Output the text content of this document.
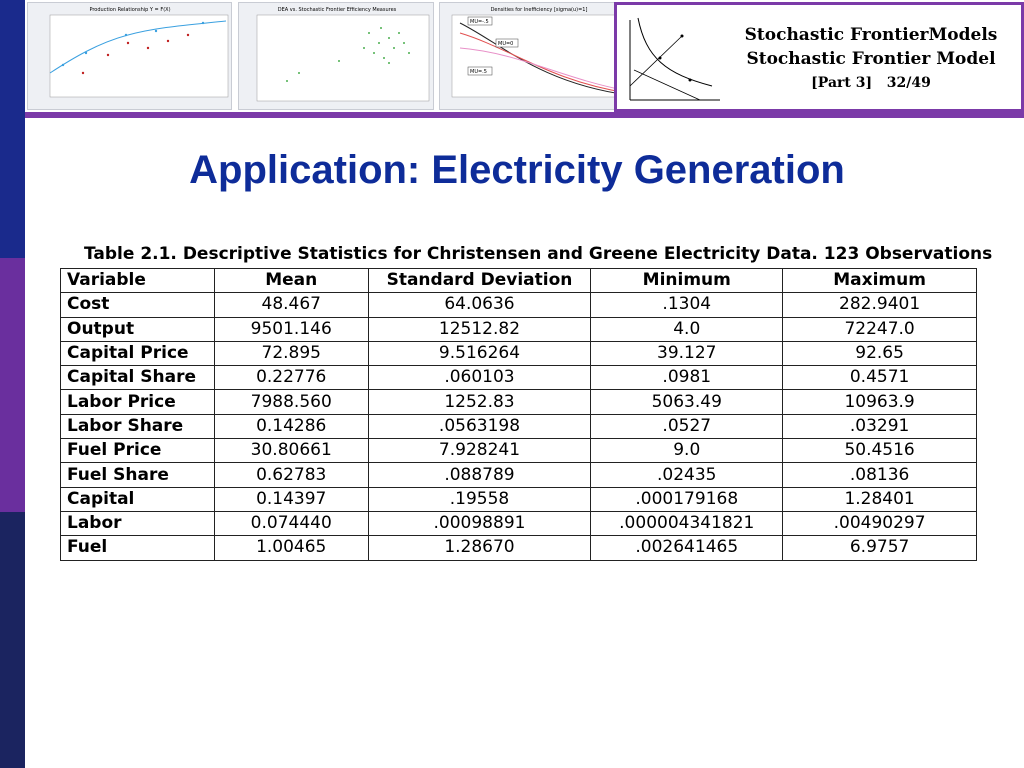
Production Relationship Y = F(X)	DEA vs. Stochastic Frontier Efficiency Measures	Densities for Inefficiency [sigma(u)=1]
MU=-.5
MU=0
MU=.5
Stochastic FrontierModels
Stochastic Frontier Model
[Part 3] 32/49
Application: Electricity Generation
Table 2.1. Descriptive Statistics for Christensen and Greene Electricity Data. 123 Observations
Variable	Mean	Standard Deviation	Minimum	Maximum
Cost	48.467	64.0636	.1304	282.9401
Output	9501.146	12512.82	4.0	72247.0
Capital Price	72.895	9.516264	39.127	92.65
Capital Share	0.22776	.060103	.0981	0.4571
Labor Price	7988.560	1252.83	5063.49	10963.9
Labor Share	0.14286	.0563198	.0527	.03291
Fuel Price	30.80661	7.928241	9.0	50.4516
Fuel Share	0.62783	.088789	.02435	.08136
Capital	0.14397	.19558	.000179168	1.28401
Labor	0.074440	.00098891	.000004341821	.00490297
Fuel	1.00465	1.28670	.002641465	6.9757
